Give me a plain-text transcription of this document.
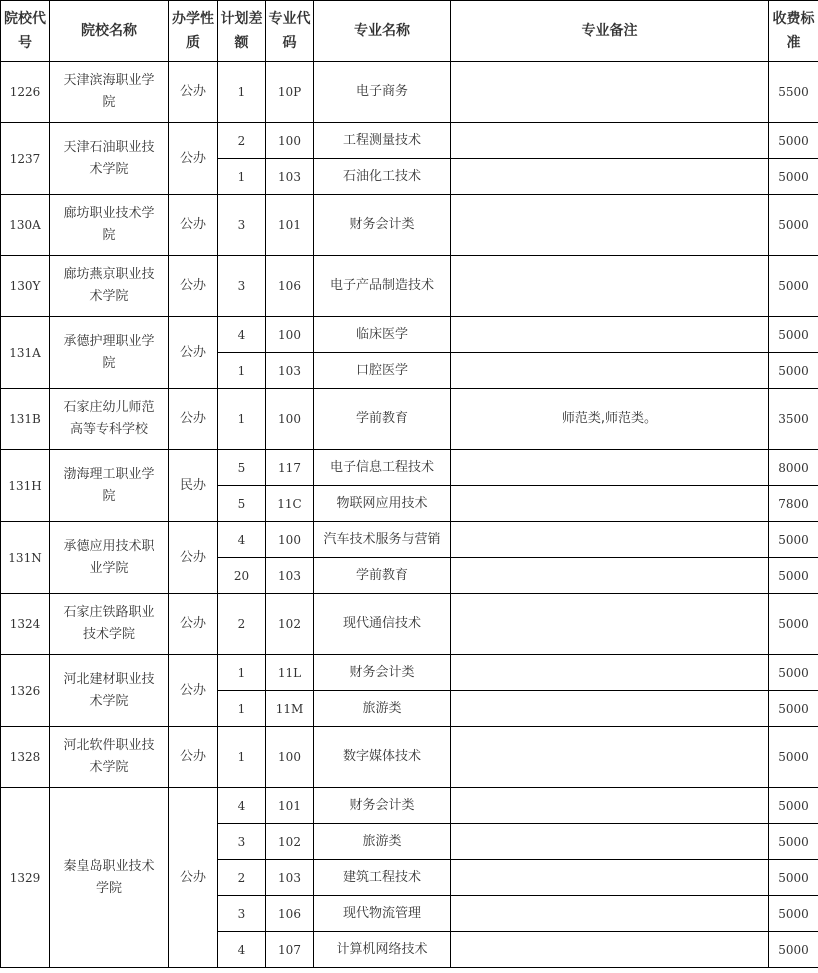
院校代号	院校名称	办学性质	计划差额	专业代码	专业名称	专业备注	收费标准
1226	天津滨海职业学院	公办	1	10P	电子商务		5500
1237	天津石油职业技术学院	公办	2	100	工程测量技术		5000
			1	103	石油化工技术		5000
130A	廊坊职业技术学院	公办	3	101	财务会计类		5000
130Y	廊坊燕京职业技术学院	公办	3	106	电子产品制造技术		5000
131A	承德护理职业学院	公办	4	100	临床医学		5000
			1	103	口腔医学		5000
131B	石家庄幼儿师范高等专科学校	公办	1	100	学前教育	师范类,师范类。	3500
131H	渤海理工职业学院	民办	5	117	电子信息工程技术		8000
			5	11C	物联网应用技术		7800
131N	承德应用技术职业学院	公办	4	100	汽车技术服务与营销		5000
			20	103	学前教育		5000
1324	石家庄铁路职业技术学院	公办	2	102	现代通信技术		5000
1326	河北建材职业技术学院	公办	1	11L	财务会计类		5000
			1	11M	旅游类		5000
1328	河北软件职业技术学院	公办	1	100	数字媒体技术		5000
1329	秦皇岛职业技术学院	公办	4	101	财务会计类		5000
			3	102	旅游类		5000
			2	103	建筑工程技术		5000
			3	106	现代物流管理		5000
			4	107	计算机网络技术		5000
